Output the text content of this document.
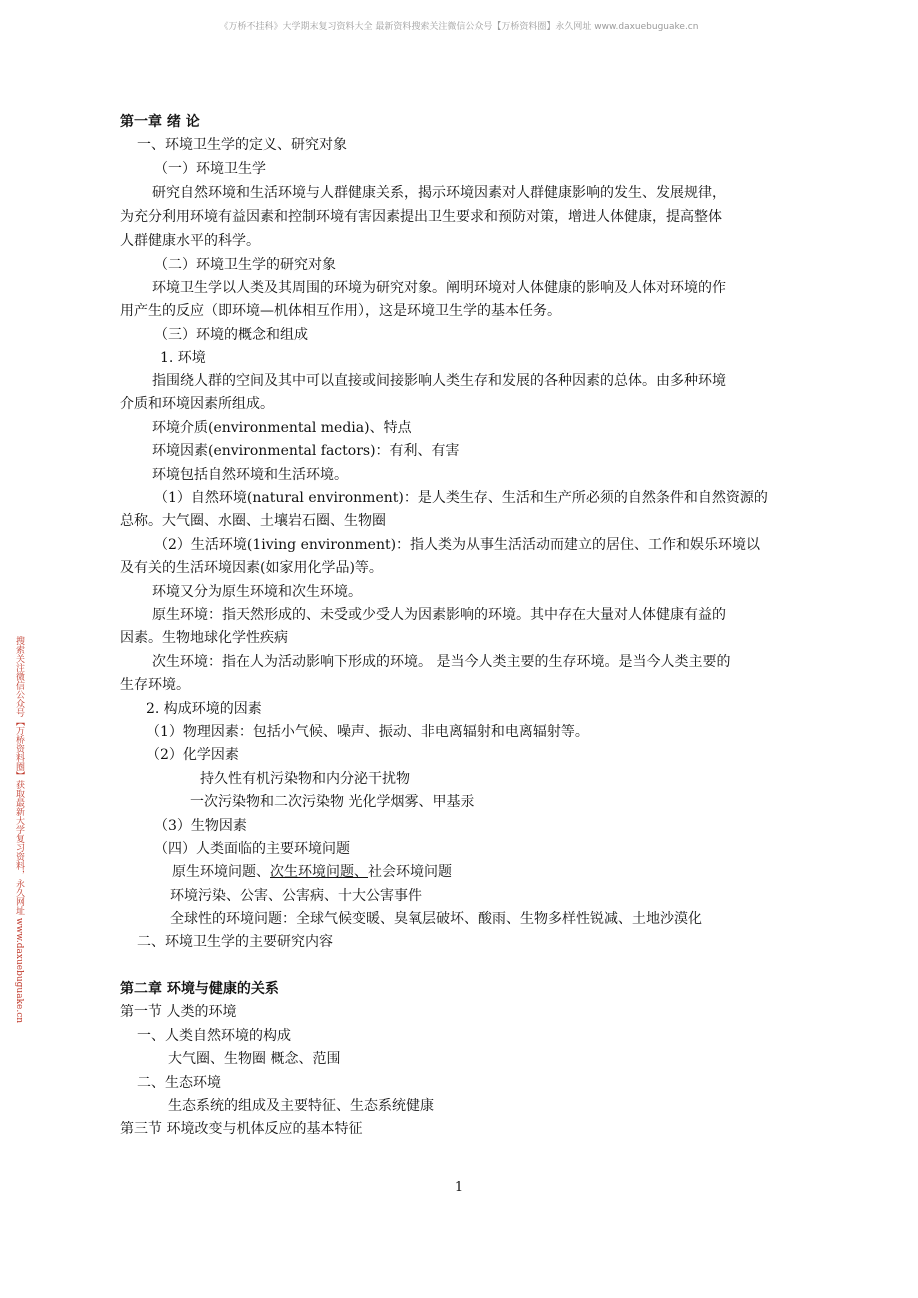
《万桥不挂科》大学期末复习资料大全 最新资料搜索关注微信公众号【万桥资料圈】永久网址 www.daxuebuguake.cn
搜索关注微信公众号【万桥资料圈】获取最新大学复习资料，永久网址 www.daxuebuguake.cn
第一章 绪 论
一、环境卫生学的定义、研究对象
（一）环境卫生学
研究自然环境和生活环境与人群健康关系，揭示环境因素对人群健康影响的发生、发展规律，
为充分利用环境有益因素和控制环境有害因素提出卫生要求和预防对策，增进人体健康，提高整体
人群健康水平的科学。
（二）环境卫生学的研究对象
环境卫生学以人类及其周围的环境为研究对象。阐明环境对人体健康的影响及人体对环境的作
用产生的反应（即环境—机体相互作用），这是环境卫生学的基本任务。
（三）环境的概念和组成
1. 环境
指围绕人群的空间及其中可以直接或间接影响人类生存和发展的各种因素的总体。由多种环境
介质和环境因素所组成。
环境介质(environmental media)、特点
环境因素(environmental factors)：有利、有害
环境包括自然环境和生活环境。
（1）自然环境(natural environment)：是人类生存、生活和生产所必须的自然条件和自然资源的
总称。大气圈、水圈、土壤岩石圈、生物圈
（2）生活环境(1iving environment)：指人类为从事生活活动而建立的居住、工作和娱乐环境以
及有关的生活环境因素(如家用化学品)等。
环境又分为原生环境和次生环境。
原生环境：指天然形成的、未受或少受人为因素影响的环境。其中存在大量对人体健康有益的
因素。生物地球化学性疾病
次生环境：指在人为活动影响下形成的环境。 是当今人类主要的生存环境。是当今人类主要的
生存环境。
2. 构成环境的因素
（1）物理因素：包括小气候、噪声、振动、非电离辐射和电离辐射等。
（2）化学因素
持久性有机污染物和内分泌干扰物
一次污染物和二次污染物 光化学烟雾、甲基汞
（3）生物因素
（四）人类面临的主要环境问题
原生环境问题、次生环境问题、社会环境问题
环境污染、公害、公害病、十大公害事件
全球性的环境问题：全球气候变暖、臭氧层破坏、酸雨、生物多样性锐减、土地沙漠化
二、环境卫生学的主要研究内容
第二章 环境与健康的关系
第一节 人类的环境
一、人类自然环境的构成
大气圈、生物圈 概念、范围
二、生态环境
生态系统的组成及主要特征、生态系统健康
第三节 环境改变与机体反应的基本特征
1
